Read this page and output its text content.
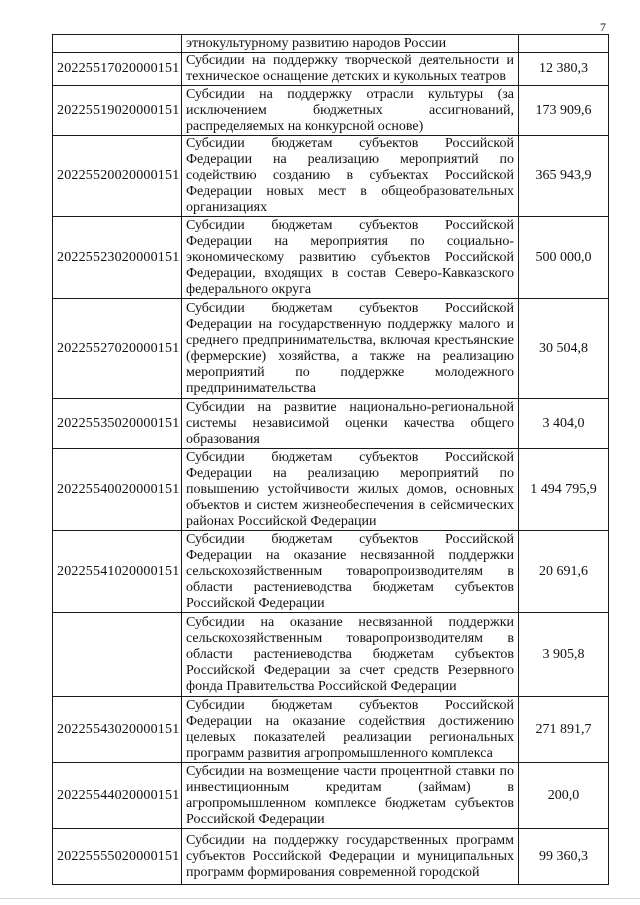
7
	этнокультурному развитию народов России	
20225517020000151	Субсидии на поддержку творческой деятельности и техническое оснащение детских и кукольных театров	12 380,3
20225519020000151	Субсидии на поддержку отрасли культуры (за исключением бюджетных ассигнований, распределяемых на конкурсной основе)	173 909,6
20225520020000151	Субсидии бюджетам субъектов Российской Федерации на реализацию мероприятий по содействию созданию в субъектах Российской Федерации новых мест в общеобразовательных организациях	365 943,9
20225523020000151	Субсидии бюджетам субъектов Российской Федерации на мероприятия по социально-экономическому развитию субъектов Российской Федерации, входящих в состав Северо-Кавказского федерального округа	500 000,0
20225527020000151	Субсидии бюджетам субъектов Российской Федерации на государственную поддержку малого и среднего предпринимательства, включая крестьянские (фермерские) хозяйства, а также на реализацию мероприятий по поддержке молодежного предпринимательства	30 504,8
20225535020000151	Субсидии на развитие национально-региональной системы независимой оценки качества общего образования	3 404,0
20225540020000151	Субсидии бюджетам субъектов Российской Федерации на реализацию мероприятий по повышению устойчивости жилых домов, основных объектов и систем жизнеобеспечения в сейсмических районах Российской Федерации	1 494 795,9
20225541020000151	Субсидии бюджетам субъектов Российской Федерации на оказание несвязанной поддержки сельскохозяйственным товаропроизводителям в области растениеводства бюджетам субъектов Российской Федерации	20 691,6
	Субсидии на оказание несвязанной поддержки сельскохозяйственным товаропроизводителям в области растениеводства бюджетам субъектов Российской Федерации за счет средств Резервного фонда Правительства Российской Федерации	3 905,8
20225543020000151	Субсидии бюджетам субъектов Российской Федерации на оказание содействия достижению целевых показателей реализации региональных программ развития агропромышленного комплекса	271 891,7
20225544020000151	Субсидии на возмещение части процентной ставки по инвестиционным кредитам (займам) в агропромышленном комплексе бюджетам субъектов Российской Федерации	200,0
20225555020000151	Субсидии на поддержку государственных программ субъектов Российской Федерации и муниципальных программ формирования современной городской	99 360,3
